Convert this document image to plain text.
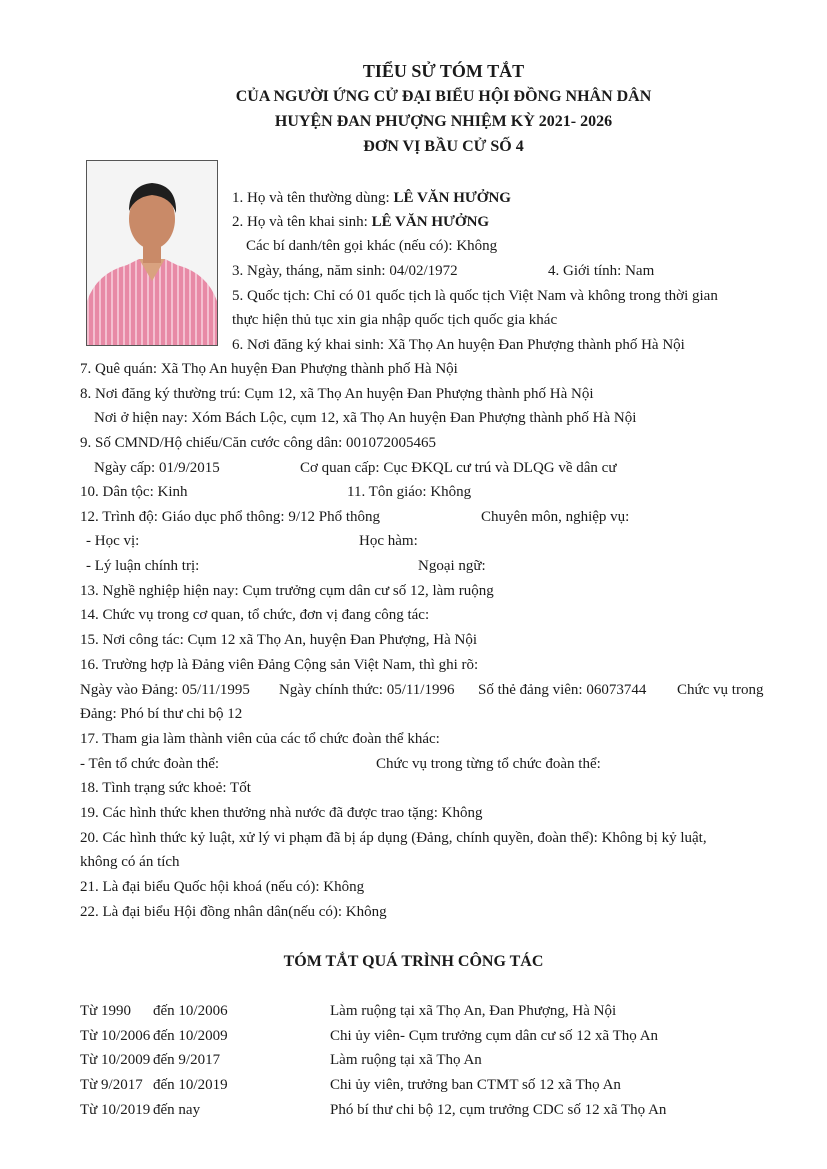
TIỂU SỬ TÓM TẮT
CỦA NGƯỜI ỨNG CỬ ĐẠI BIỂU HỘI ĐỒNG NHÂN DÂN
HUYỆN ĐAN PHƯỢNG NHIỆM KỲ 2021- 2026
ĐƠN VỊ BẦU CỬ SỐ 4
1. Họ và tên thường dùng: LÊ VĂN HƯỞNG
2. Họ và tên khai sinh: LÊ VĂN HƯỞNG
Các bí danh/tên gọi khác (nếu có): Không
3. Ngày, tháng, năm sinh: 04/02/1972	4. Giới tính: Nam
5. Quốc tịch: Chỉ có 01 quốc tịch là quốc tịch Việt Nam và không trong thời gian
thực hiện thủ tục xin gia nhập quốc tịch quốc gia khác
6. Nơi đăng ký khai sinh: Xã Thọ An huyện Đan Phượng thành phố Hà Nội
7. Quê quán: Xã Thọ An huyện Đan Phượng thành phố Hà Nội
8. Nơi đăng ký thường trú: Cụm 12, xã Thọ An huyện Đan Phượng thành phố Hà Nội
Nơi ở hiện nay: Xóm Bách Lộc, cụm 12, xã Thọ An huyện Đan Phượng thành phố Hà Nội
9. Số CMND/Hộ chiếu/Căn cước công dân: 001072005465
Ngày cấp: 01/9/2015	Cơ quan cấp: Cục ĐKQL cư trú và DLQG về dân cư
10. Dân tộc: Kinh	11. Tôn giáo: Không
12. Trình độ: Giáo dục phổ thông: 9/12 Phổ thông	Chuyên môn, nghiệp vụ:
- Học vị:	Học hàm:
- Lý luận chính trị:	Ngoại ngữ:
13. Nghề nghiệp hiện nay: Cụm trưởng cụm dân cư số 12, làm ruộng
14. Chức vụ trong cơ quan, tổ chức, đơn vị đang công tác:
15. Nơi công tác: Cụm 12 xã Thọ An, huyện Đan Phượng, Hà Nội
16. Trường hợp là Đảng viên Đảng Cộng sản Việt Nam, thì ghi rõ:
Ngày vào Đảng: 05/11/1995 Ngày chính thức: 05/11/1996 Số thẻ đảng viên: 06073744 Chức vụ trong
Đảng: Phó bí thư chi bộ 12
17. Tham gia làm thành viên của các tổ chức đoàn thể khác:
- Tên tổ chức đoàn thể:	Chức vụ trong từng tổ chức đoàn thể:
18. Tình trạng sức khoẻ: Tốt
19. Các hình thức khen thưởng nhà nước đã được trao tặng: Không
20. Các hình thức kỷ luật, xử lý vi phạm đã bị áp dụng (Đảng, chính quyền, đoàn thể): Không bị kỷ luật,
không có án tích
21. Là đại biểu Quốc hội khoá (nếu có): Không
22. Là đại biểu Hội đồng nhân dân(nếu có): Không
TÓM TẮT QUÁ TRÌNH CÔNG TÁC
Từ 1990 đến 10/2006	Làm ruộng tại xã Thọ An, Đan Phượng, Hà Nội
Từ 10/2006 đến 10/2009	Chi ủy viên- Cụm trưởng cụm dân cư số 12 xã Thọ An
Từ 10/2009 đến 9/2017	Làm ruộng tại xã Thọ An
Từ 9/2017 đến 10/2019	Chi ủy viên, trưởng ban CTMT số 12 xã Thọ An
Từ 10/2019 đến nay	Phó bí thư chi bộ 12, cụm trưởng CDC số 12 xã Thọ An
